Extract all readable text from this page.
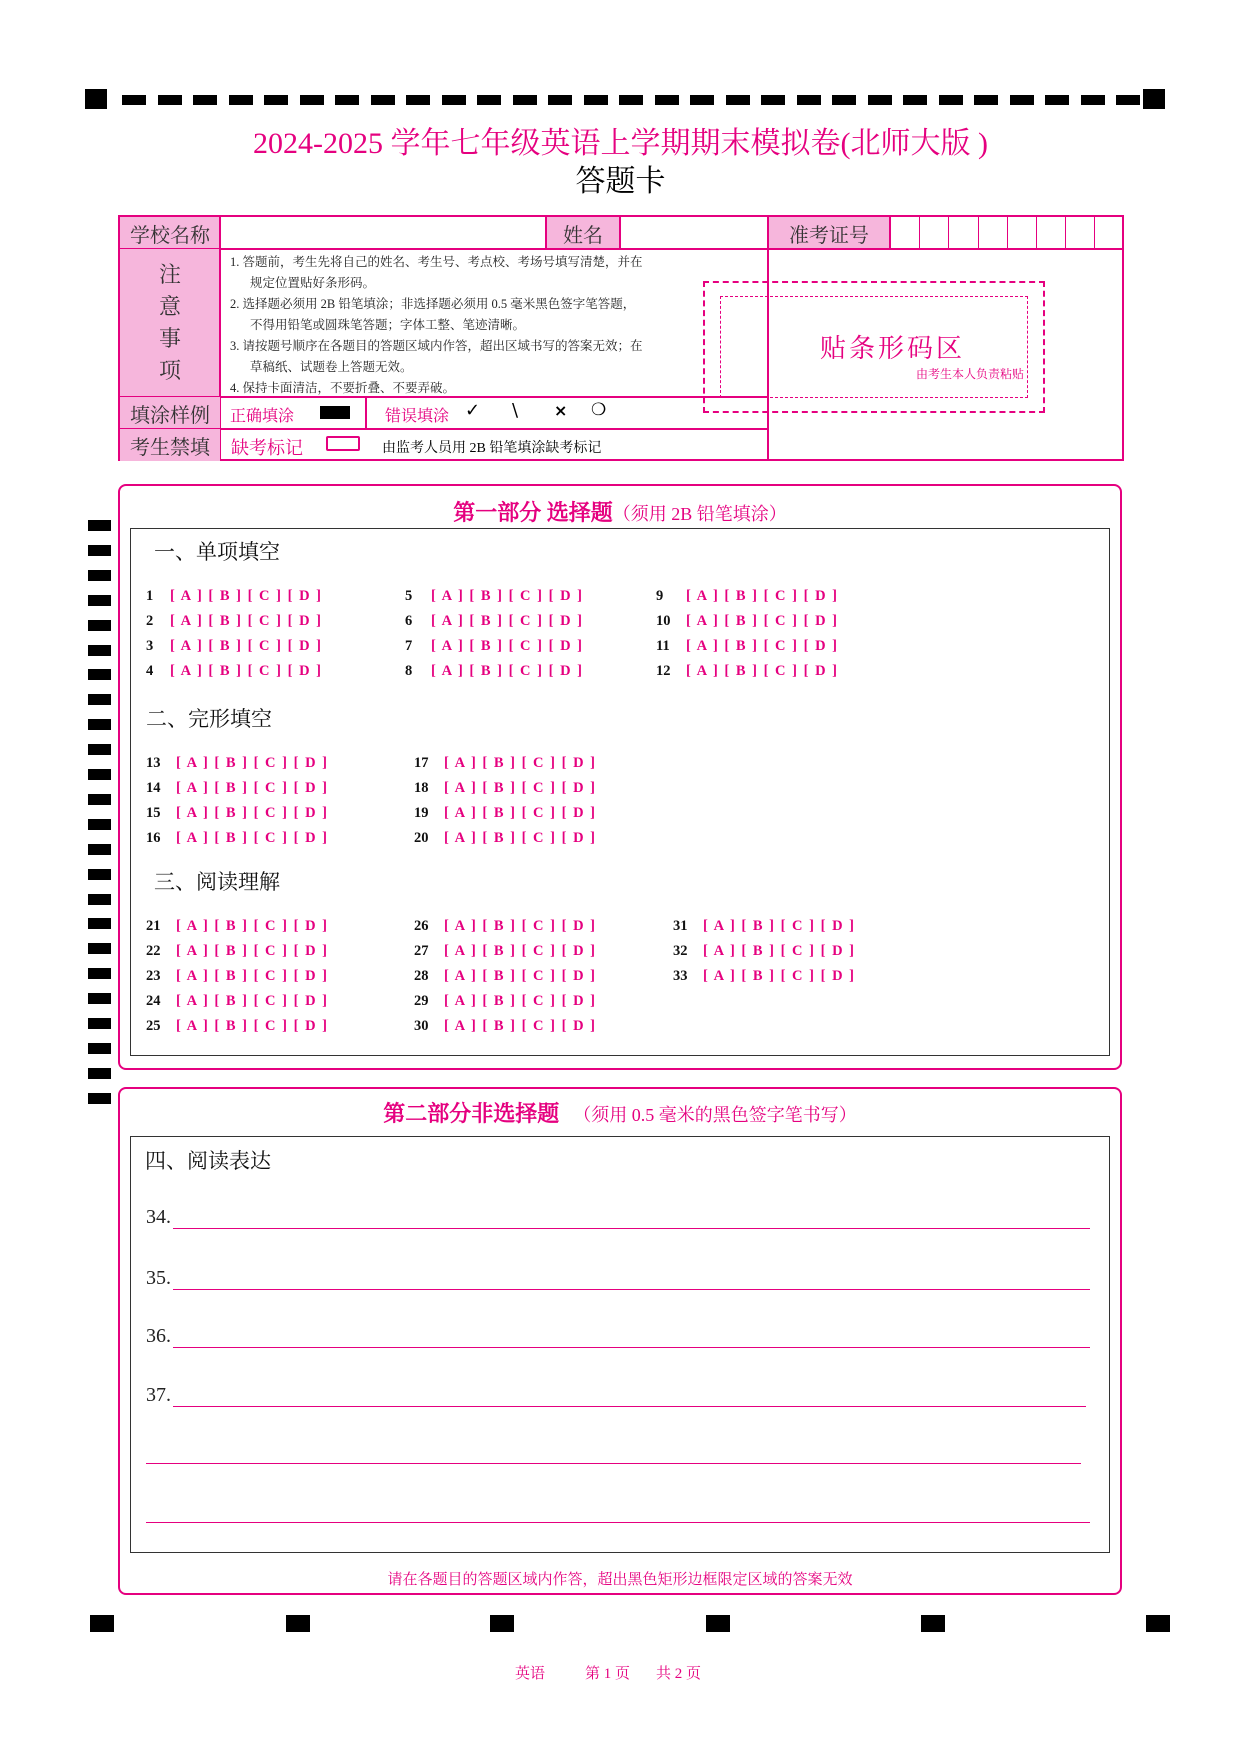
2024-2025 学年七年级英语上学期期末模拟卷(北师大版 )
答题卡
学校名称	姓名	准考证号
注
意
事
项
1. 答题前，考生先将自己的姓名、考生号、考点校、考场号填写清楚，并在
规定位置贴好条形码。
2. 选择题必须用 2B 铅笔填涂；非选择题必须用 0.5 毫米黑色签字笔答题，
不得用铅笔或圆珠笔答题；字体工整、笔迹清晰。
3. 请按题号顺序在各题目的答题区域内作答，超出区域书写的答案无效；在
草稿纸、试题卷上答题无效。
4. 保持卡面清洁，不要折叠、不要弄破。
填涂样例	正确填涂	错误填涂 ✓ \ × ❍
考生禁填	缺考标记	由监考人员用 2B 铅笔填涂缺考标记
贴条形码区
由考生本人负责粘贴
第一部分 选择题（须用 2B 铅笔填涂）
一、单项填空
1 [ A ] [ B ] [ C ] [ D ]
2 [ A ] [ B ] [ C ] [ D ]
3 [ A ] [ B ] [ C ] [ D ]
4 [ A ] [ B ] [ C ] [ D ]
5 [ A ] [ B ] [ C ] [ D ]
6 [ A ] [ B ] [ C ] [ D ]
7 [ A ] [ B ] [ C ] [ D ]
8 [ A ] [ B ] [ C ] [ D ]
9 [ A ] [ B ] [ C ] [ D ]
10 [ A ] [ B ] [ C ] [ D ]
11 [ A ] [ B ] [ C ] [ D ]
12 [ A ] [ B ] [ C ] [ D ]
二、完形填空
13 [ A ] [ B ] [ C ] [ D ]
14 [ A ] [ B ] [ C ] [ D ]
15 [ A ] [ B ] [ C ] [ D ]
16 [ A ] [ B ] [ C ] [ D ]
17 [ A ] [ B ] [ C ] [ D ]
18 [ A ] [ B ] [ C ] [ D ]
19 [ A ] [ B ] [ C ] [ D ]
20 [ A ] [ B ] [ C ] [ D ]
三、阅读理解
21 [ A ] [ B ] [ C ] [ D ]
22 [ A ] [ B ] [ C ] [ D ]
23 [ A ] [ B ] [ C ] [ D ]
24 [ A ] [ B ] [ C ] [ D ]
25 [ A ] [ B ] [ C ] [ D ]
26 [ A ] [ B ] [ C ] [ D ]
27 [ A ] [ B ] [ C ] [ D ]
28 [ A ] [ B ] [ C ] [ D ]
29 [ A ] [ B ] [ C ] [ D ]
30 [ A ] [ B ] [ C ] [ D ]
31 [ A ] [ B ] [ C ] [ D ]
32 [ A ] [ B ] [ C ] [ D ]
33 [ A ] [ B ] [ C ] [ D ]
第二部分非选择题 （须用 0.5 毫米的黑色签字笔书写）
请在各题目的答题区域内作答，超出黑色矩形边框限定区域的答案无效
四、阅读表达
34.
35.
36.
37.
英语	第 1 页 共 2 页
